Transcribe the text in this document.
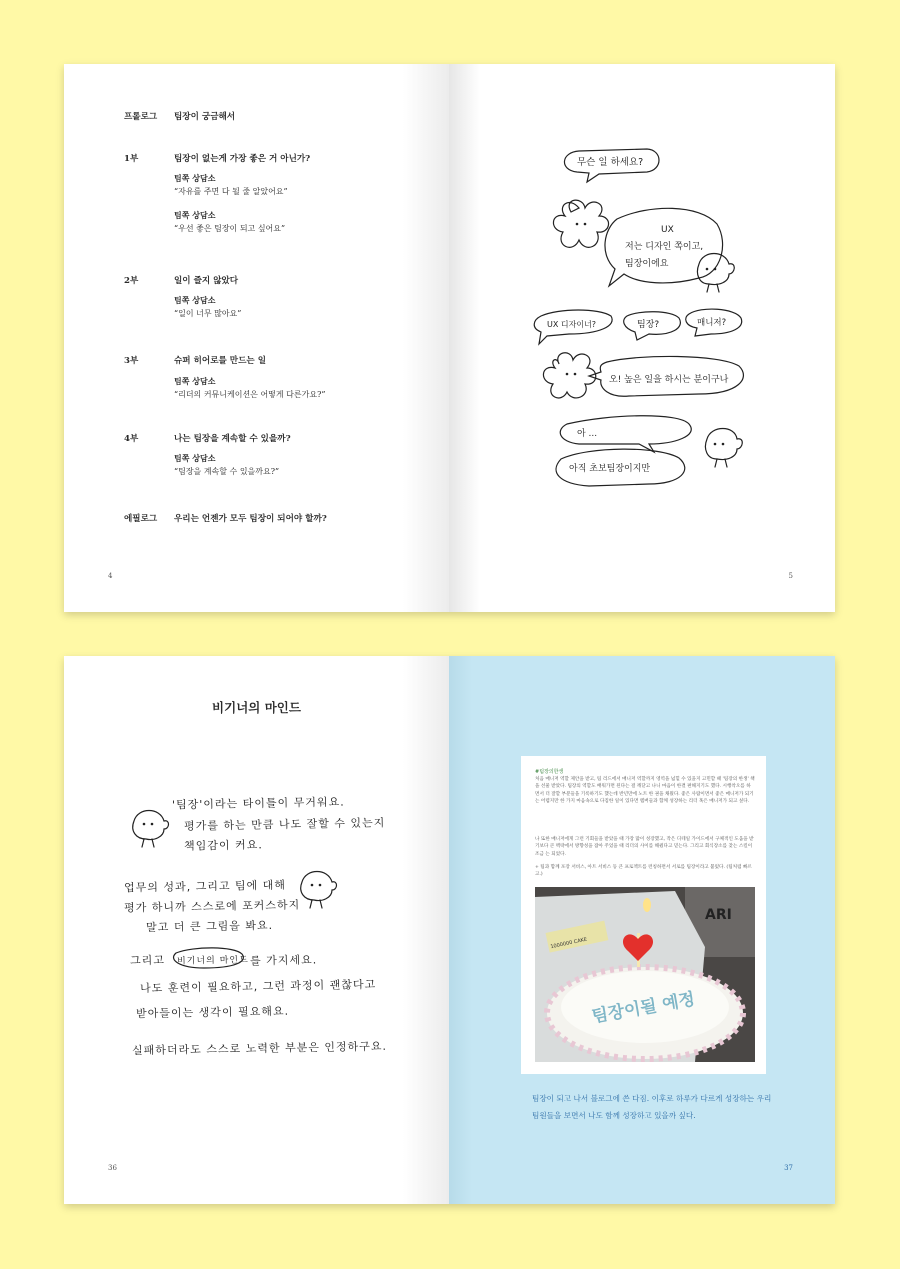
프롤로그	팀장이 궁금해서
1부	팀장이 없는게 가장 좋은 거 아닌가?
팀쪽 상담소
“자유를 주면 다 될 줄 알았어요”
팀쪽 상담소
“우선 좋은 팀장이 되고 싶어요”
2부	일이 즐지 않았다
팀쪽 상담소
“일이 너무 많아요”
3부	슈퍼 히어로를 만드는 일
팀쪽 상담소
“리더의 커뮤니케이션은 어떻게 다른가요?”
4부	나는 팀장을 계속할 수 있을까?
팀쪽 상담소
“팀장을 계속할 수 있을까요?”
에필로그	우리는 언젠가 모두 팀장이 되어야 할까?
4
무슨 일 하세요?
UX
저는 디자인 쪽이고,
팀장이에요
UX 디자이너?	팀장?	매니저?
오! 높은 일을 하시는 분이구나
아 ...
아직 초보팀장이지만
5
비기너의 마인드
'팀장'이라는 타이틀이 무거워요.
평가를 하는 만큼 나도 잘할 수 있는지
책임감이 커요.
업무의 성과, 그리고 팀에 대해
평가 하니까 스스로에 포커스하지
말고 더 큰 그림을 봐요.
그리고 비기너의 마인드 를 가지세요.
나도 훈련이 필요하고, 그런 과정이 괜찮다고
받아들이는 생각이 필요해요.
실패하더라도 스스로 노력한 부분은 인정하구요.
36
#팀장의한생
처음 매니저 역할 제안을 받고, 팀 리드에서 매니저 역할까지 영역을 넓힐 수 있을지 고민할 때 '팀장의 한생' 책을 선물 받았다. 팀장의 역할도 배워가면 된다는 걸 깨닫고 나니 마음이 한결 편해지기도 했다. 시행착오를 하면서 더 잘할 부분들을 기록하기도 했는데 반년만에 노트 한 권을 채웠다. 좋은 사람이면서 좋은 매니저가 되기는 어렵지만 한 가지 마음속으로 다짐한 일이 있다면 멤버들과 함께 성장하는 리더 혹은 매니저가 되고 싶다.
나 또한 매니저에게 그런 기회들을 받았을 때 가장 많이 성장했고, 작은 디테일 가이드에서 구체적인 도움을 받기보다 큰 맥락에서 방향성을 잡아 주었을 때 리더의 사이를 해줬다고 믿는다. 그리고 회식장소를 찾는 스킬이 조금 는 되었다.
+ 팀과 함께 포장 서비스, 아트 서비스 등 큰 프로젝트를 런칭하면서 서로를 팀장이라고 불렀다. (팀처럼 빠르고.)
ARI
1000000 CAKE
팀장이될 예정
팀장이 되고 나서 블로그에 쓴 다짐. 이후로 하루가 다르게 성장하는 우리 팀원들을 보면서 나도 함께 성장하고 있을까 싶다.
37
